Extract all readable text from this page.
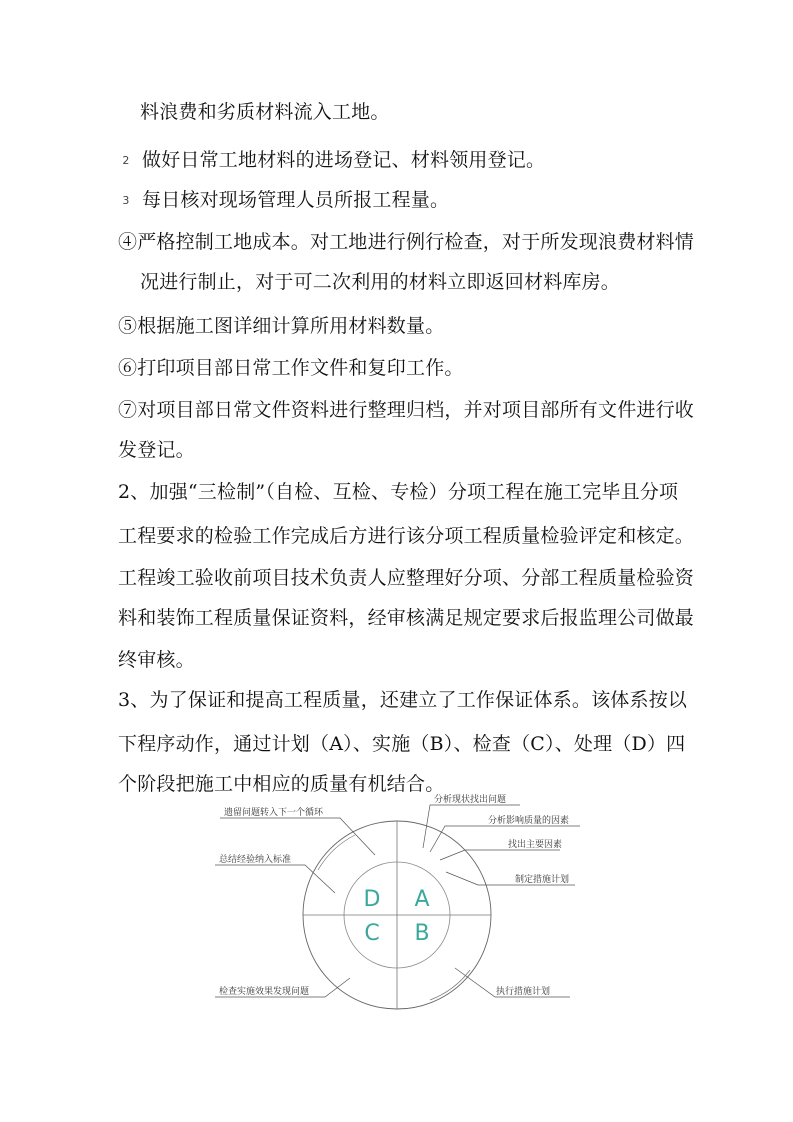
料浪费和劣质材料流入工地。
2 做好日常工地材料的进场登记、材料领用登记。
3 每日核对现场管理人员所报工程量。
④严格控制工地成本。对工地进行例行检查，对于所发现浪费材料情
况进行制止，对于可二次利用的材料立即返回材料库房。
⑤根据施工图详细计算所用材料数量。
⑥打印项目部日常工作文件和复印工作。
⑦对项目部日常文件资料进行整理归档，并对项目部所有文件进行收
发登记。
2、加强“三检制”（自检、互检、专检）分项工程在施工完毕且分项
工程要求的检验工作完成后方进行该分项工程质量检验评定和核定。
工程竣工验收前项目技术负责人应整理好分项、分部工程质量检验资
料和装饰工程质量保证资料，经审核满足规定要求后报监理公司做最
终审核。
3、为了保证和提高工程质量，还建立了工作保证体系。该体系按以
下程序动作，通过计划（A）、实施（B）、检查（C）、处理（D）四
个阶段把施工中相应的质量有机结合。
D A
C B
遗留问题转入下一个循环
总结经验纳入标准
检查实施效果发现问题
分析现状找出问题
分析影响质量的因素
找出主要因素
制定措施计划
执行措施计划
